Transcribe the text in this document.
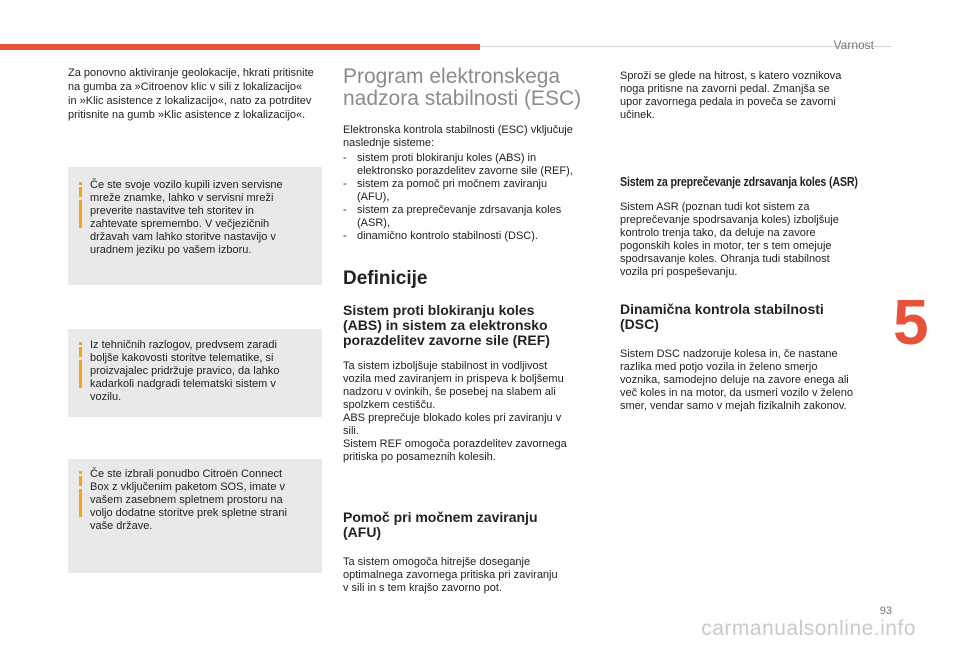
Varnost
Za ponovno aktiviranje geolokacije, hkrati pritisnite
na gumba za »Citroenov klic v sili z lokalizacijo«
in »Klic asistence z lokalizacijo«, nato za potrditev
pritisnite na gumb »Klic asistence z lokalizacijo«.
Če ste svoje vozilo kupili izven servisne
mreže znamke, lahko v servisni mreži
preverite nastavitve teh storitev in
zahtevate spremembo. V večjezičnih
državah vam lahko storitve nastavijo v
uradnem jeziku po vašem izboru.
Iz tehničnih razlogov, predvsem zaradi
boljše kakovosti storitve telematike, si
proizvajalec pridržuje pravico, da lahko
kadarkoli nadgradi telematski sistem v
vozilu.
Če ste izbrali ponudbo Citroën Connect
Box z vključenim paketom SOS, imate v
vašem zasebnem spletnem prostoru na
voljo dodatne storitve prek spletne strani
vaše države.
Program elektronskega
nadzora stabilnosti (ESC)
Elektronska kontrola stabilnosti (ESC) vključuje
naslednje sisteme:
- sistem proti blokiranju koles (ABS) in
elektronsko porazdelitev zavorne sile (REF),
- sistem za pomoč pri močnem zaviranju
(AFU),
- sistem za preprečevanje zdrsavanja koles
(ASR),
- dinamično kontrolo stabilnosti (DSC).
Definicije
Sistem proti blokiranju koles
(ABS) in sistem za elektronsko
porazdelitev zavorne sile (REF)
Ta sistem izboljšuje stabilnost in vodljivost
vozila med zaviranjem in prispeva k boljšemu
nadzoru v ovinkih, še posebej na slabem ali
spolzkem cestišču.
ABS preprečuje blokado koles pri zaviranju v
sili.
Sistem REF omogoča porazdelitev zavornega
pritiska po posameznih kolesih.
Pomoč pri močnem zaviranju
(AFU)
Ta sistem omogoča hitrejše doseganje
optimalnega zavornega pritiska pri zaviranju
v sili in s tem krajšo zavorno pot.
Sproži se glede na hitrost, s katero voznikova
noga pritisne na zavorni pedal. Zmanjša se
upor zavornega pedala in poveča se zavorni
učinek.
Sistem za preprečevanje zdrsavanja koles (ASR)
Sistem ASR (poznan tudi kot sistem za
preprečevanje spodrsavanja koles) izboljšuje
kontrolo trenja tako, da deluje na zavore
pogonskih koles in motor, ter s tem omejuje
spodrsavanje koles. Ohranja tudi stabilnost
vozila pri pospeševanju.
Dinamična kontrola stabilnosti
(DSC)
Sistem DSC nadzoruje kolesa in, če nastane
razlika med potjo vozila in želeno smerjo
voznika, samodejno deluje na zavore enega ali
več koles in na motor, da usmeri vozilo v želeno
smer, vendar samo v mejah fizikalnih zakonov.
5
93
carmanualsonline.info
